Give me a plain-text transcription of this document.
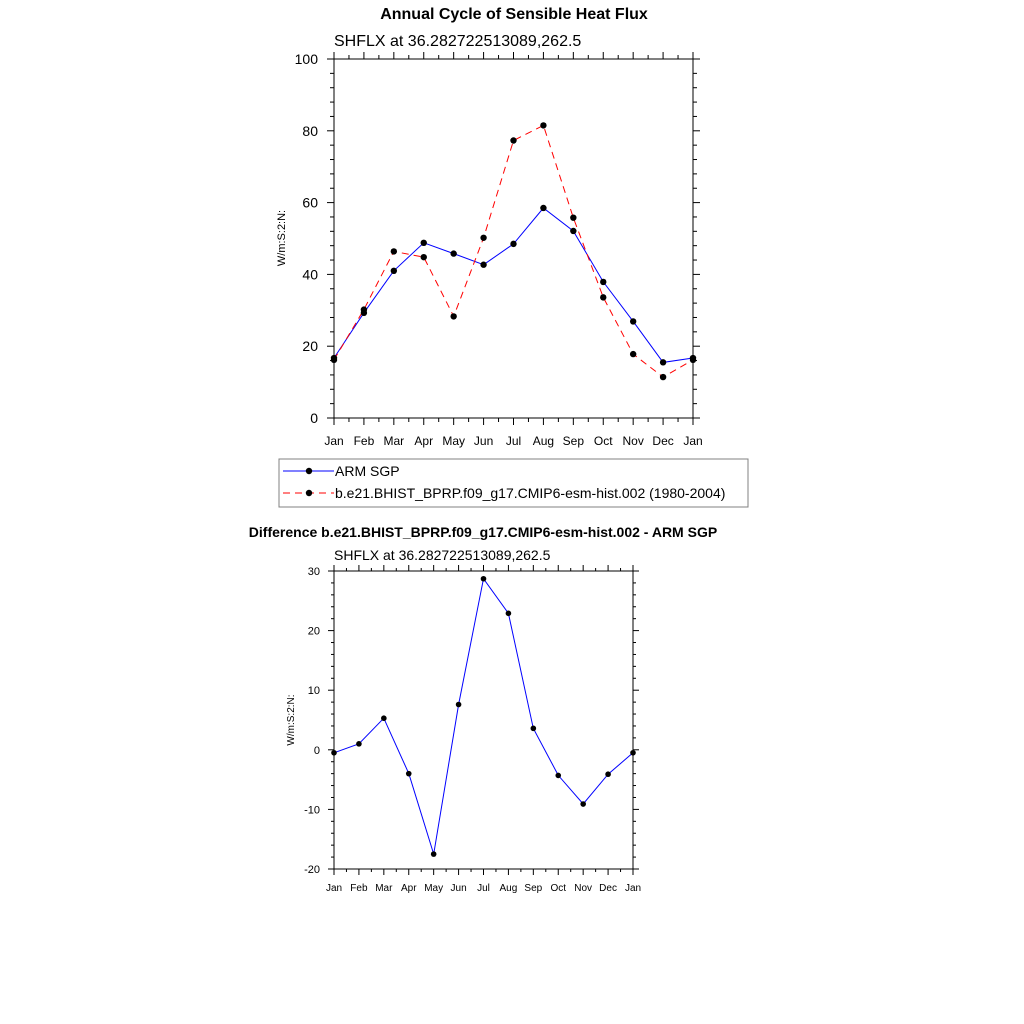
Annual Cycle of Sensible Heat Flux
SHFLX at 36.282722513089,262.5
W/m:S:2:N:
0
20
40
60
80
100
Jan Feb Mar Apr May Jun Jul Aug Sep Oct Nov Dec Jan
ARM SGP
b.e21.BHIST_BPRP.f09_g17.CMIP6-esm-hist.002 (1980-2004)
Difference b.e21.BHIST_BPRP.f09_g17.CMIP6-esm-hist.002 - ARM SGP
SHFLX at 36.282722513089,262.5
W/m:S:2:N:
-20
-10
0
10
20
30
Jan Feb Mar Apr May Jun Jul Aug Sep Oct Nov Dec Jan
